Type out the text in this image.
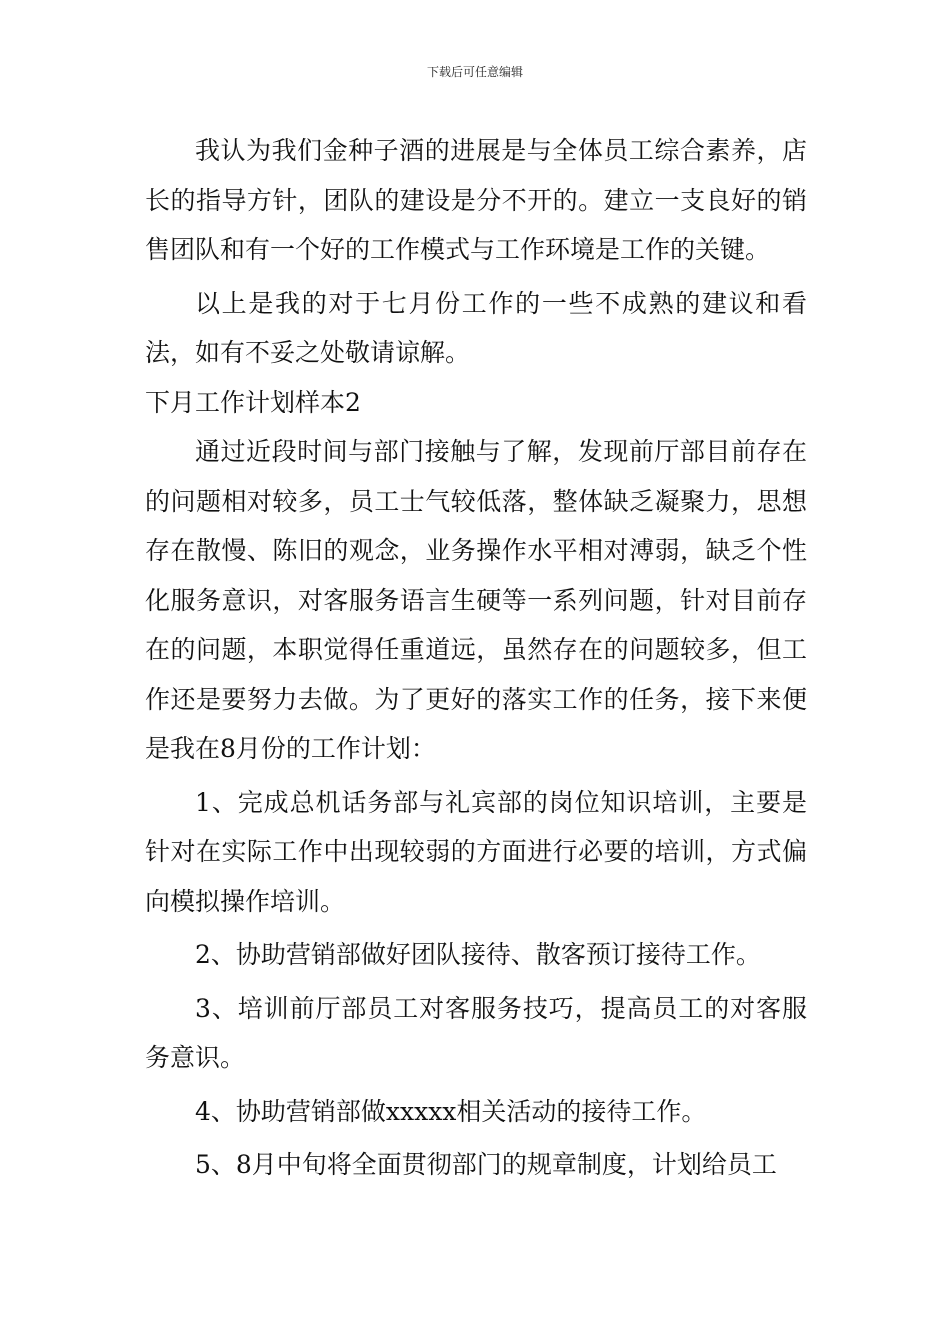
下载后可任意编辑

我认为我们金种子酒的进展是与全体员工综合素养，店长的指导方针，团队的建设是分不开的。建立一支良好的销售团队和有一个好的工作模式与工作环境是工作的关键。

以上是我的对于七月份工作的一些不成熟的建议和看法，如有不妥之处敬请谅解。

下月工作计划样本2

通过近段时间与部门接触与了解，发现前厅部目前存在的问题相对较多，员工士气较低落，整体缺乏凝聚力，思想存在散慢、陈旧的观念，业务操作水平相对溥弱，缺乏个性化服务意识，对客服务语言生硬等一系列问题，针对目前存在的问题，本职觉得任重道远，虽然存在的问题较多，但工作还是要努力去做。为了更好的落实工作的任务，接下来便是我在8月份的工作计划：

1、完成总机话务部与礼宾部的岗位知识培训，主要是针对在实际工作中出现较弱的方面进行必要的培训，方式偏向模拟操作培训。

2、协助营销部做好团队接待、散客预订接待工作。

3、培训前厅部员工对客服务技巧，提高员工的对客服务意识。

4、协助营销部做xxxxx相关活动的接待工作。

5、8月中旬将全面贯彻部门的规章制度，计划给员工
